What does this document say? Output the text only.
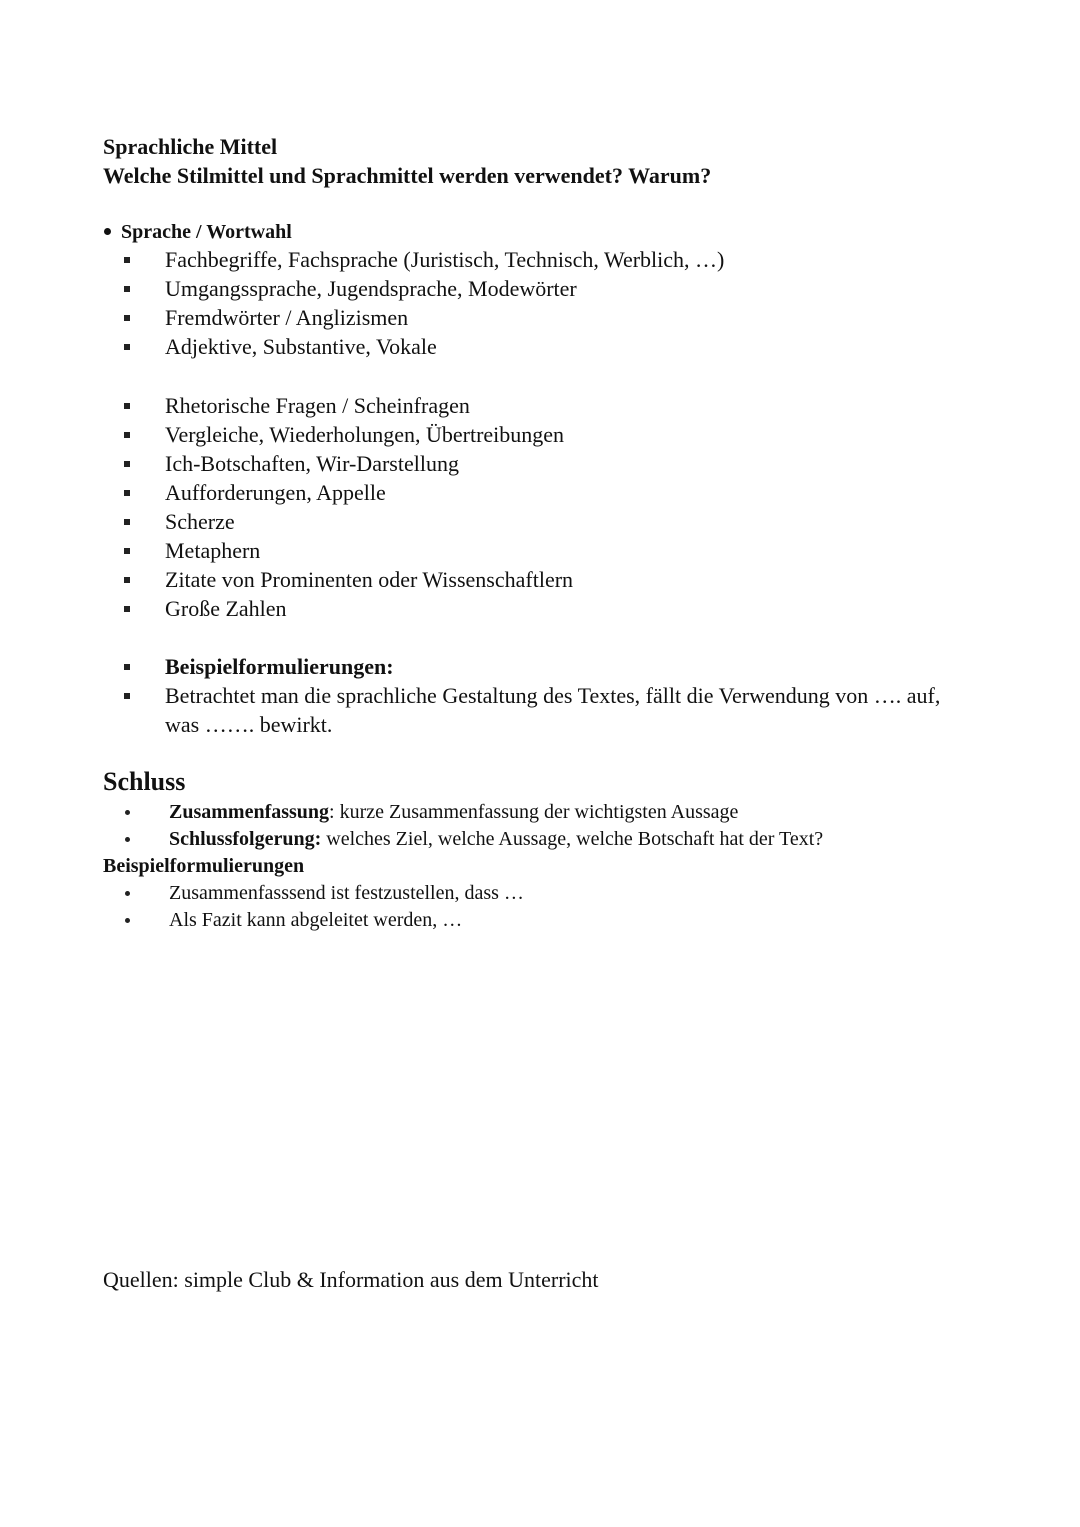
Sprachliche Mittel
Welche Stilmittel und Sprachmittel werden verwendet? Warum?
Sprache / Wortwahl
Fachbegriffe, Fachsprache (Juristisch, Technisch, Werblich, …)
Umgangssprache, Jugendsprache, Modewörter
Fremdwörter / Anglizismen
Adjektive, Substantive, Vokale
Rhetorische Fragen / Scheinfragen
Vergleiche, Wiederholungen, Übertreibungen
Ich-Botschaften, Wir-Darstellung
Aufforderungen, Appelle
Scherze
Metaphern
Zitate von Prominenten oder Wissenschaftlern
Große Zahlen
Beispielformulierungen:
Betrachtet man die sprachliche Gestaltung des Textes, fällt die Verwendung von …. auf, was ……. bewirkt.
Schluss
Zusammenfassung: kurze Zusammenfassung der wichtigsten Aussage
Schlussfolgerung: welches Ziel, welche Aussage, welche Botschaft hat der Text?
Beispielformulierungen
Zusammenfasssend ist festzustellen, dass …
Als Fazit kann abgeleitet werden, …
Quellen: simple Club & Information aus dem Unterricht
